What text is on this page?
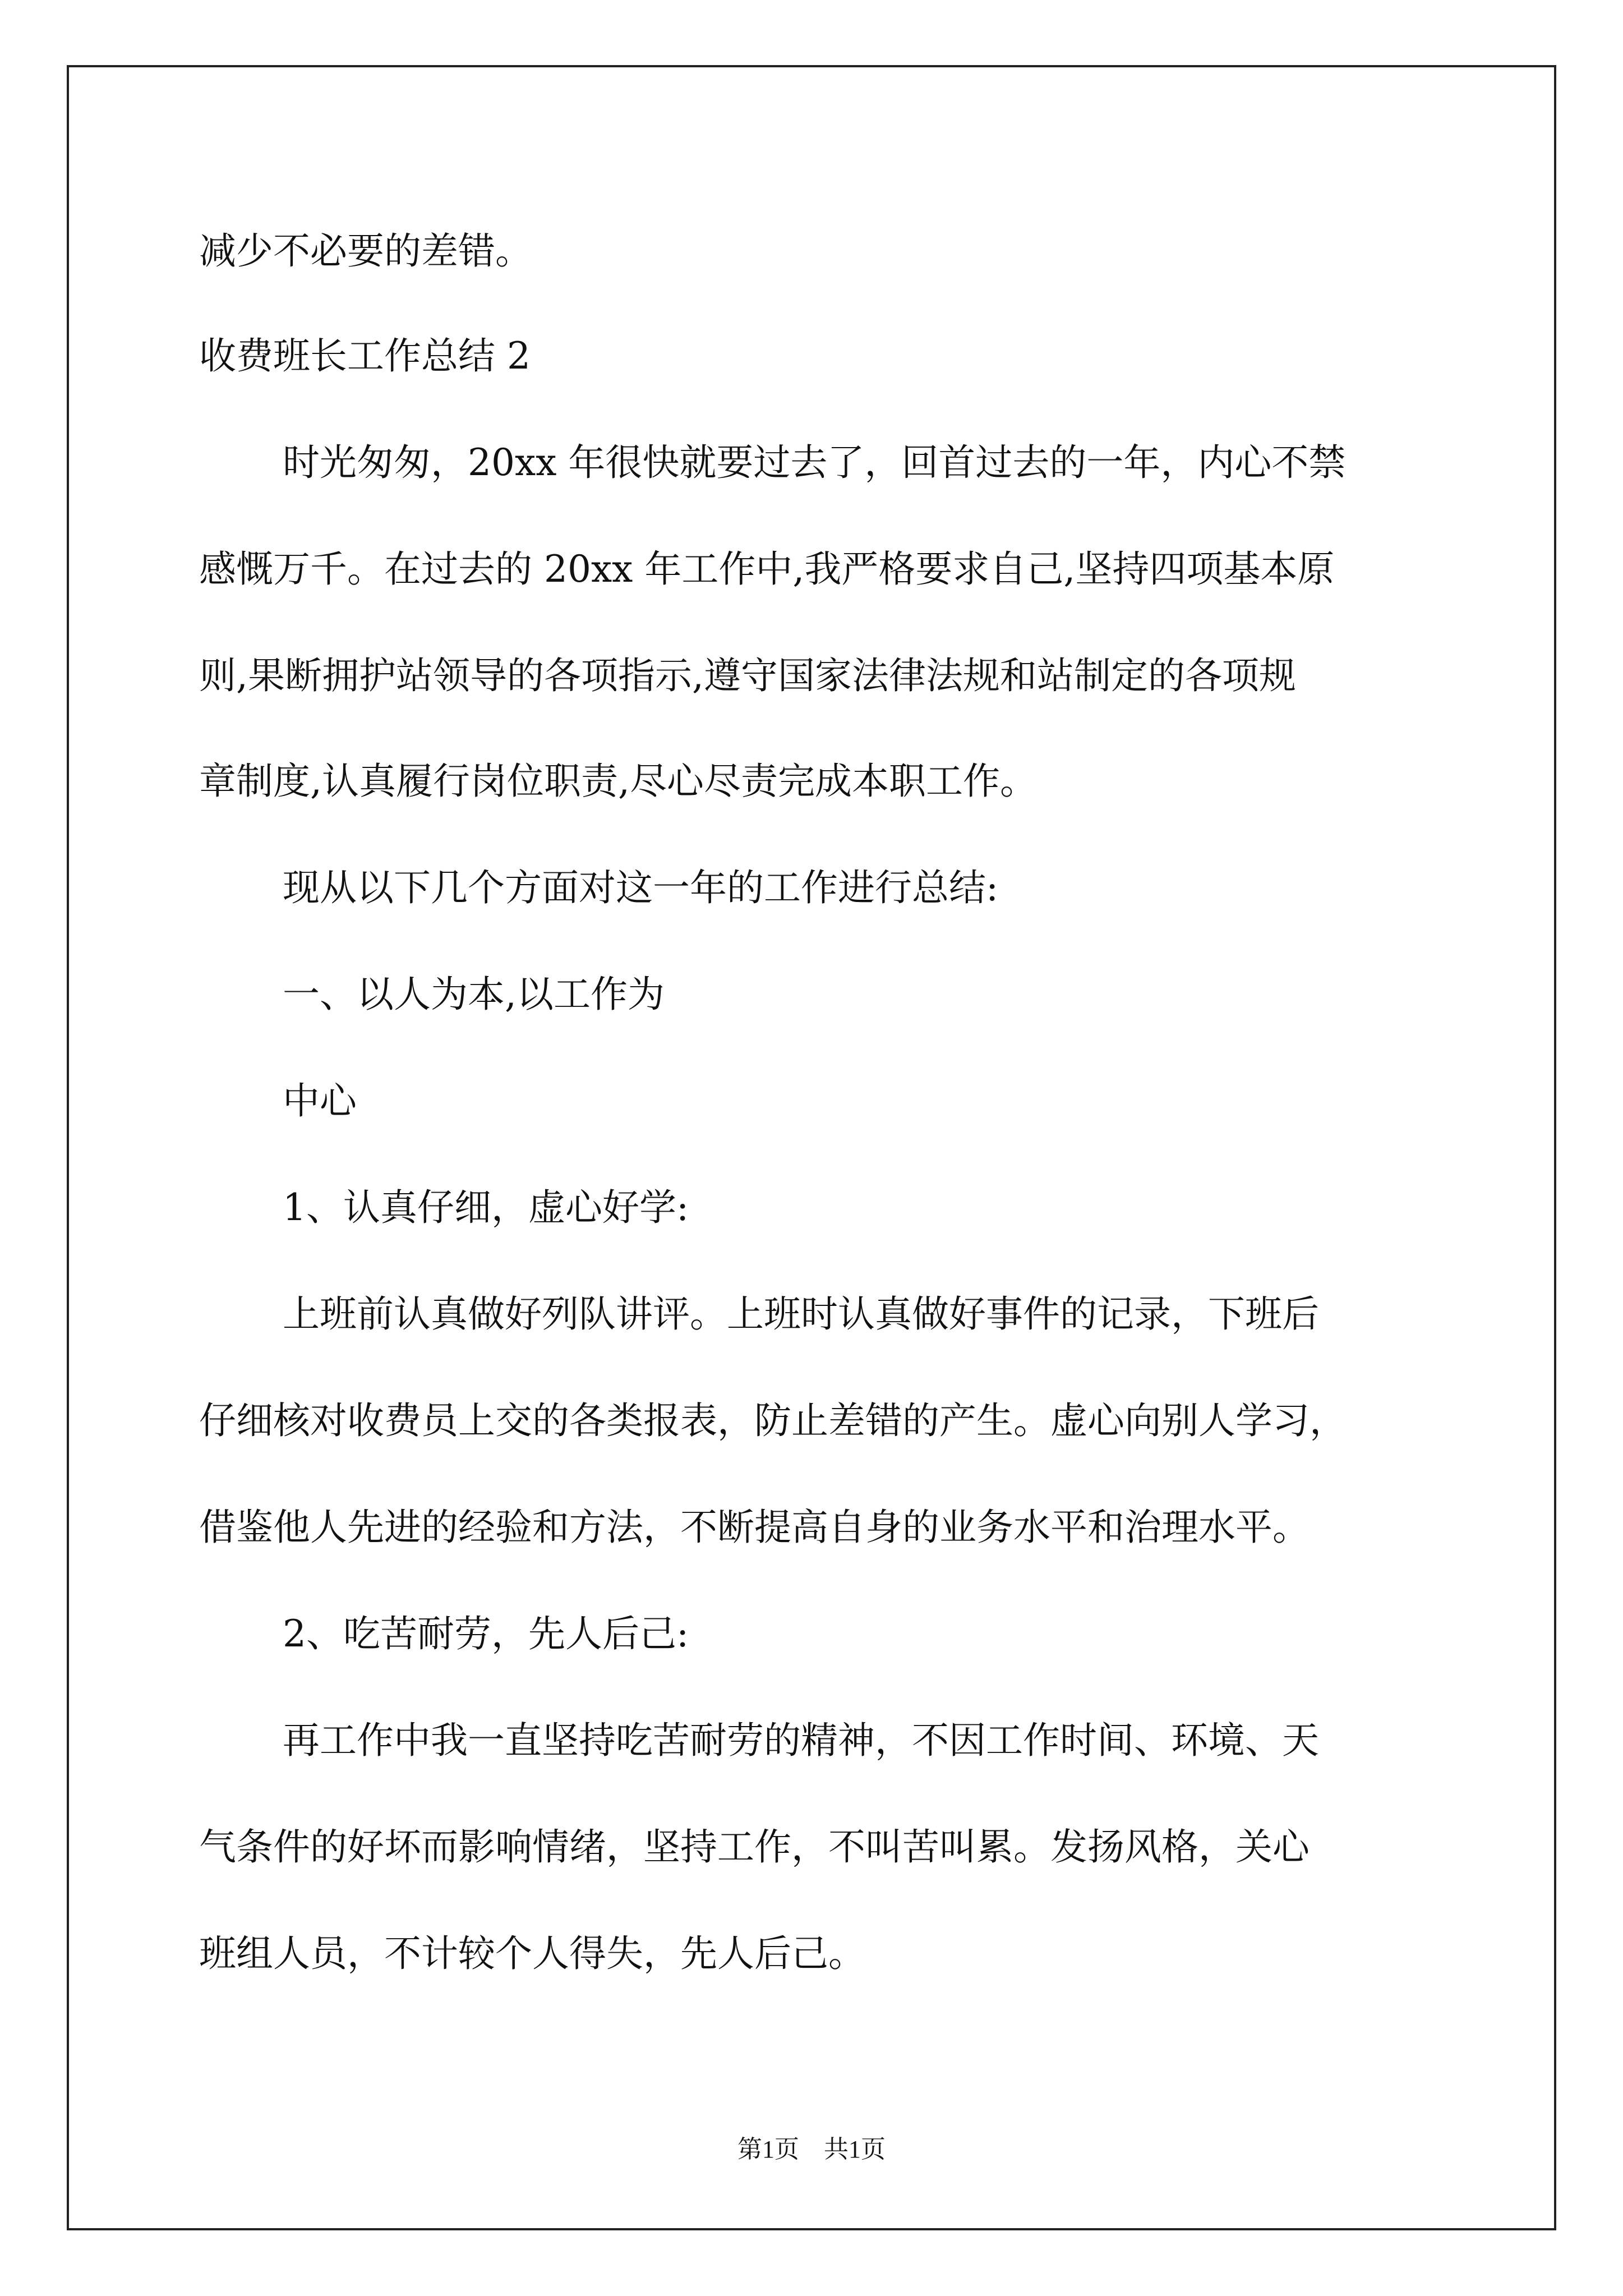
减少不必要的差错。
收费班长工作总结 2
时光匆匆，20xx 年很快就要过去了，回首过去的一年，内心不禁
感慨万千。在过去的 20xx 年工作中,我严格要求自己,坚持四项基本原
则,果断拥护站领导的各项指示,遵守国家法律法规和站制定的各项规
章制度,认真履行岗位职责,尽心尽责完成本职工作。
现从以下几个方面对这一年的工作进行总结:
一、以人为本,以工作为
中心
1、认真仔细，虚心好学:
上班前认真做好列队讲评。上班时认真做好事件的记录，下班后
仔细核对收费员上交的各类报表，防止差错的产生。虚心向别人学习，
借鉴他人先进的经验和方法，不断提高自身的业务水平和治理水平。
2、吃苦耐劳，先人后己:
再工作中我一直坚持吃苦耐劳的精神，不因工作时间、环境、天
气条件的好坏而影响情绪，坚持工作，不叫苦叫累。发扬风格，关心
班组人员，不计较个人得失，先人后己。
第1页　共1页
